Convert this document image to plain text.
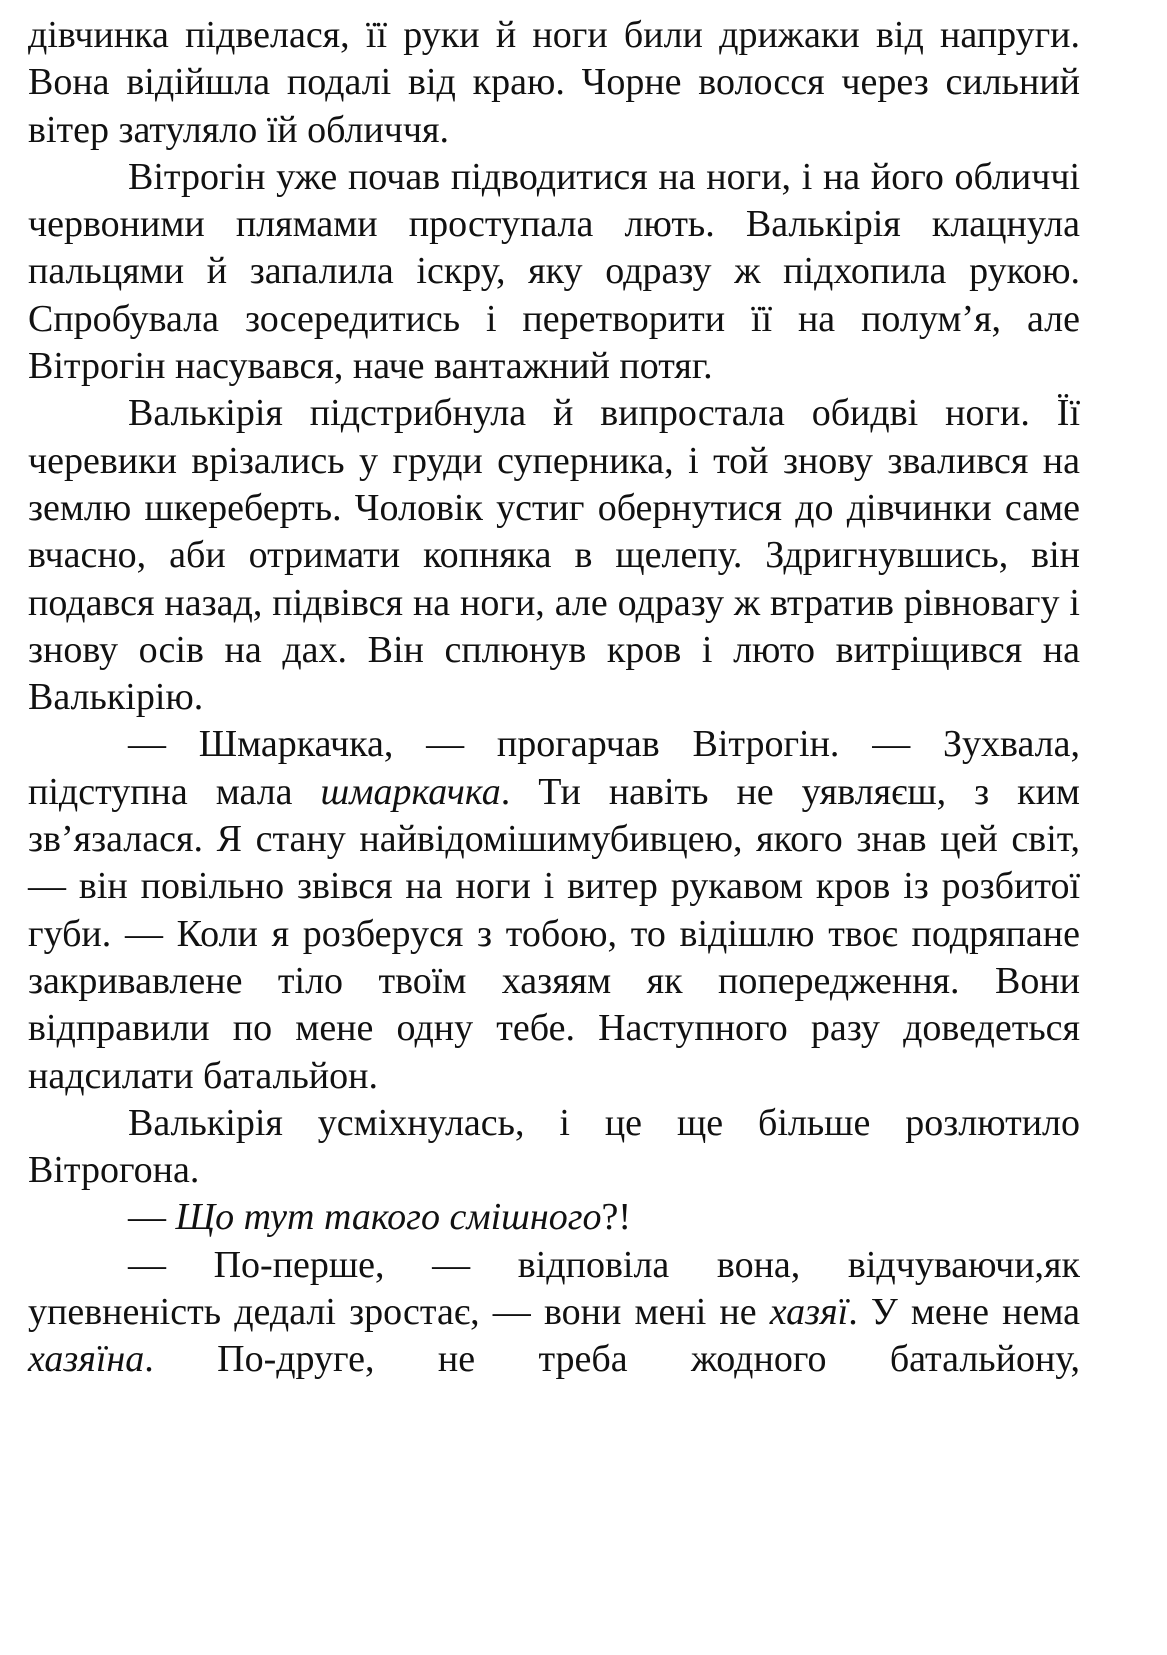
дівчинка підвелася, її руки й ноги били дрижаки від напруги. Вона відійшла подалі від краю. Чорне волосся через сильний вітер затуляло їй обличчя.

Вітрогін уже почав підводитися на ноги, і на його обличчі червоними плямами проступала лють. Валькірія клацнула пальцями й запалила іскру, яку одразу ж підхопила рукою. Спробувала зосередитись і перетворити її на полум’я, але Вітрогін насувався, наче вантажний потяг.

Валькірія підстрибнула й випростала обидві ноги. Її черевики врізались у груди суперника, і той знову звалився на землю шкереберть. Чоловік устиг обернутися до дівчинки саме вчасно, аби отримати копняка в щелепу. Здригнувшись, він подався назад, підвівся на ноги, але одразу ж втратив рівновагу і знову осів на дах. Він сплюнув кров і люто витріщився на Валькірію.

— Шмаркачка, — прогарчав Вітрогін. — Зухвала, підступна мала шмаркачка. Ти навіть не уявляєш, з ким зв’язалася. Я стану найвідомішимубивцею, якого знав цей світ, — він повільно звівся на ноги і витер рукавом кров із розбитої губи. — Коли я розберуся з тобою, то відішлю твоє подряпане закривавлене тіло твоїм хазяям як попередження. Вони відправили по мене одну тебе. Наступного разу доведеться надсилати батальйон.

Валькірія усміхнулась, і це ще більше розлютило Вітрогона.

— Що тут такого смішного?!

— По-перше, — відповіла вона, відчуваючи,як упевненість дедалі зростає, — вони мені не хазяї. У мене нема хазяїна. По-друге, не треба жодного батальйону,
